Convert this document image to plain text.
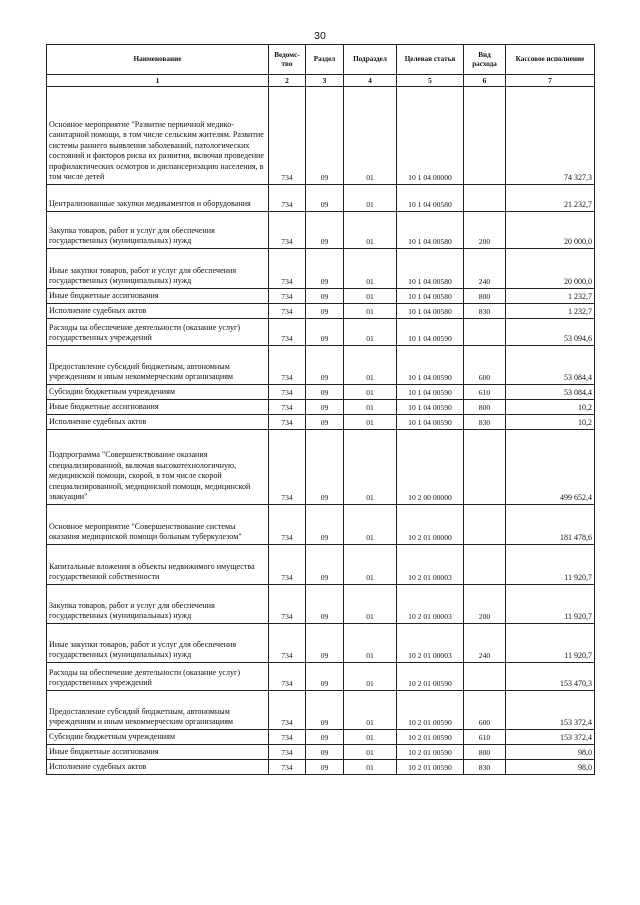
30
Наименование	Ведомс-тво	Раздел	Подраздел	Целевая статья	Вид расхода	Кассовое исполнение
1	2	3	4	5	6	7
Основное мероприятие "Развитие первичной медико-санитарной помощи, в том числе сельским жителям. Развитие системы раннего выявления заболеваний, патологических состояний и факторов риска их развития, включая проведение профилактических осмотров и диспансеризацию населения, в том числе детей	734	09	01	10 1 04 00000		74 327,3
Централизованные закупки медикаментов и оборудования	734	09	01	10 1 04 00580		21 232,7
Закупка товаров, работ и услуг для обеспечения государственных (муниципальных) нужд	734	09	01	10 1 04 00580	200	20 000,0
Иные закупки товаров, работ и услуг для обеспечения государственных (муниципальных) нужд	734	09	01	10 1 04 00580	240	20 000,0
Иные бюджетные ассигнования	734	09	01	10 1 04 00580	800	1 232,7
Исполнение судебных актов	734	09	01	10 1 04 00580	830	1 232,7
Расходы на обеспечение деятельности (оказание услуг) государственных учреждений	734	09	01	10 1 04 00590		53 094,6
Предоставление субсидий бюджетным, автономным учреждениям и иным некоммерческим организациям	734	09	01	10 1 04 00590	600	53 084,4
Субсидии бюджетным учреждениям	734	09	01	10 1 04 00590	610	53 084,4
Иные бюджетные ассигнования	734	09	01	10 1 04 00590	800	10,2
Исполнение судебных актов	734	09	01	10 1 04 00590	830	10,2
Подпрограмма "Совершенствование оказания специализированной, включая высокотехнологичную, медицинской помощи, скорой, в том числе скорой специализированной, медицинской помощи, медицинской эвакуации"	734	09	01	10 2 00 00000		499 652,4
Основное мероприятие "Совершенствование системы оказания медицинской помощи больным туберкулезом"	734	09	01	10 2 01 00000		181 478,6
Капитальные вложения в объекты недвижимого имущества государственной собственности	734	09	01	10 2 01 00003		11 920,7
Закупка товаров, работ и услуг для обеспечения государственных (муниципальных) нужд	734	09	01	10 2 01 00003	200	11 920,7
Иные закупки товаров, работ и услуг для обеспечения государственных (муниципальных) нужд	734	09	01	10 2 01 00003	240	11 920,7
Расходы на обеспечение деятельности (оказание услуг) государственных учреждений	734	09	01	10 2 01 00590		153 470,3
Предоставление субсидий бюджетным, автономным учреждениям и иным некоммерческим организациям	734	09	01	10 2 01 00590	600	153 372,4
Субсидии бюджетным учреждениям	734	09	01	10 2 01 00590	610	153 372,4
Иные бюджетные ассигнования	734	09	01	10 2 01 00590	800	98,0
Исполнение судебных актов	734	09	01	10 2 01 00590	830	98,0
